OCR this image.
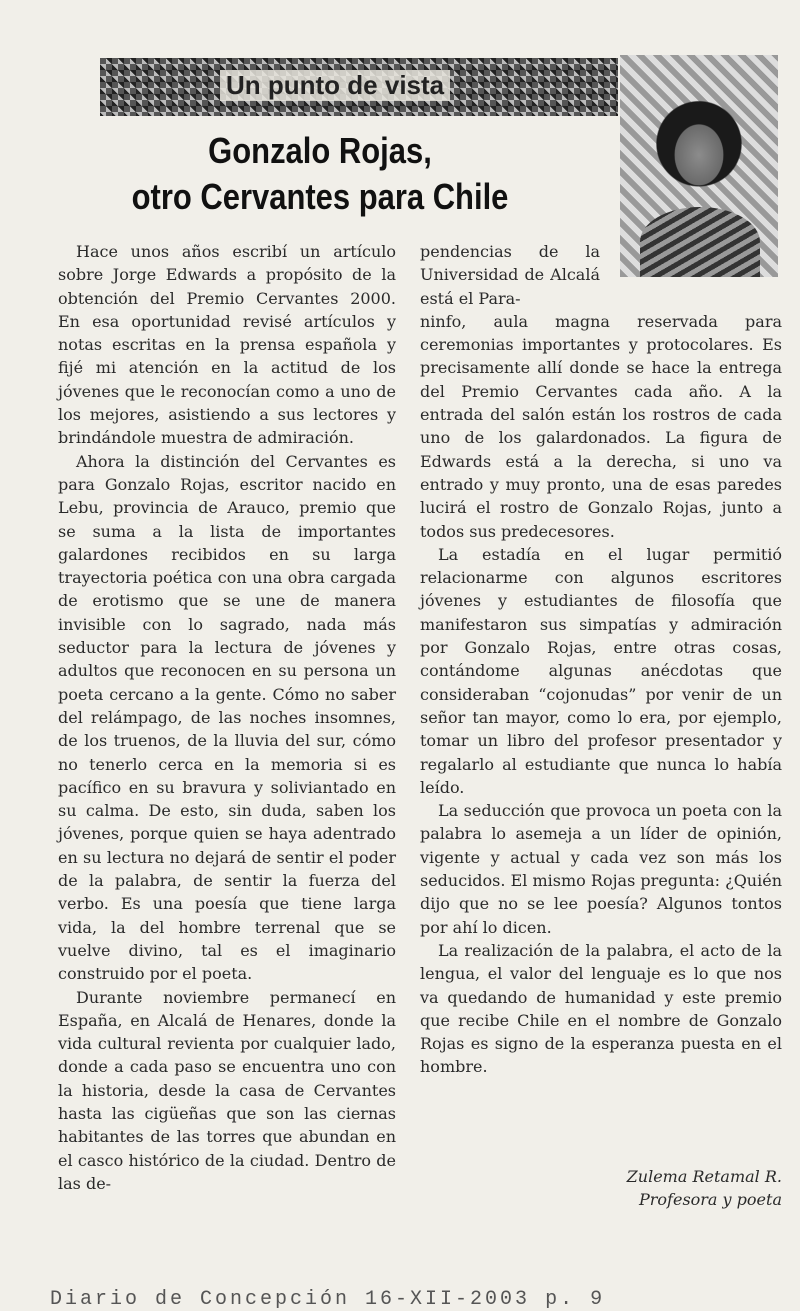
Un punto de vista
Gonzalo Rojas,
otro Cervantes para Chile

Hace unos años escribí un artículo sobre Jorge Edwards a propósito de la obtención del Premio Cervantes 2000. En esa oportunidad revisé artículos y notas escritas en la prensa española y fijé mi atención en la actitud de los jóvenes que le reconocían como a uno de los mejores, asistiendo a sus lectores y brindándole muestra de admiración.

Ahora la distinción del Cervantes es para Gonzalo Rojas, escritor nacido en Lebu, provincia de Arauco, premio que se suma a la lista de importantes galardones recibidos en su larga trayectoria poética con una obra cargada de erotismo que se une de manera invisible con lo sagrado, nada más seductor para la lectura de jóvenes y adultos que reconocen en su persona un poeta cercano a la gente. Cómo no saber del relámpago, de las noches insomnes, de los truenos, de la lluvia del sur, cómo no tenerlo cerca en la memoria si es pacífico en su bravura y soliviantado en su calma. De esto, sin duda, saben los jóvenes, porque quien se haya adentrado en su lectura no dejará de sentir el poder de la palabra, de sentir la fuerza del verbo. Es una poesía que tiene larga vida, la del hombre terrenal que se vuelve divino, tal es el imaginario construido por el poeta.

Durante noviembre permanecí en España, en Alcalá de Henares, donde la vida cultural revienta por cualquier lado, donde a cada paso se encuentra uno con la historia, desde la casa de Cervantes hasta las cigüeñas que son las ciernas habitantes de las torres que abundan en el casco histórico de la ciudad. Dentro de las de-

pendencias de la Universidad de Alcalá está el Para-

ninfo, aula magna reservada para ceremonias importantes y protocolares. Es precisamente allí donde se hace la entrega del Premio Cervantes cada año. A la entrada del salón están los rostros de cada uno de los galardonados. La figura de Edwards está a la derecha, si uno va entrado y muy pronto, una de esas paredes lucirá el rostro de Gonzalo Rojas, junto a todos sus predecesores.

La estadía en el lugar permitió relacionarme con algunos escritores jóvenes y estudiantes de filosofía que manifestaron sus simpatías y admiración por Gonzalo Rojas, entre otras cosas, contándome algunas anécdotas que consideraban “cojonudas” por venir de un señor tan mayor, como lo era, por ejemplo, tomar un libro del profesor presentador y regalarlo al estudiante que nunca lo había leído.

La seducción que provoca un poeta con la palabra lo asemeja a un líder de opinión, vigente y actual y cada vez son más los seducidos. El mismo Rojas pregunta: ¿Quién dijo que no se lee poesía? Algunos tontos por ahí lo dicen.

La realización de la palabra, el acto de la lengua, el valor del lenguaje es lo que nos va quedando de humanidad y este premio que recibe Chile en el nombre de Gonzalo Rojas es signo de la esperanza puesta en el hombre.

Zulema Retamal R.
Profesora y poeta
Diario de Concepción 16-XII-2003 p. 9
